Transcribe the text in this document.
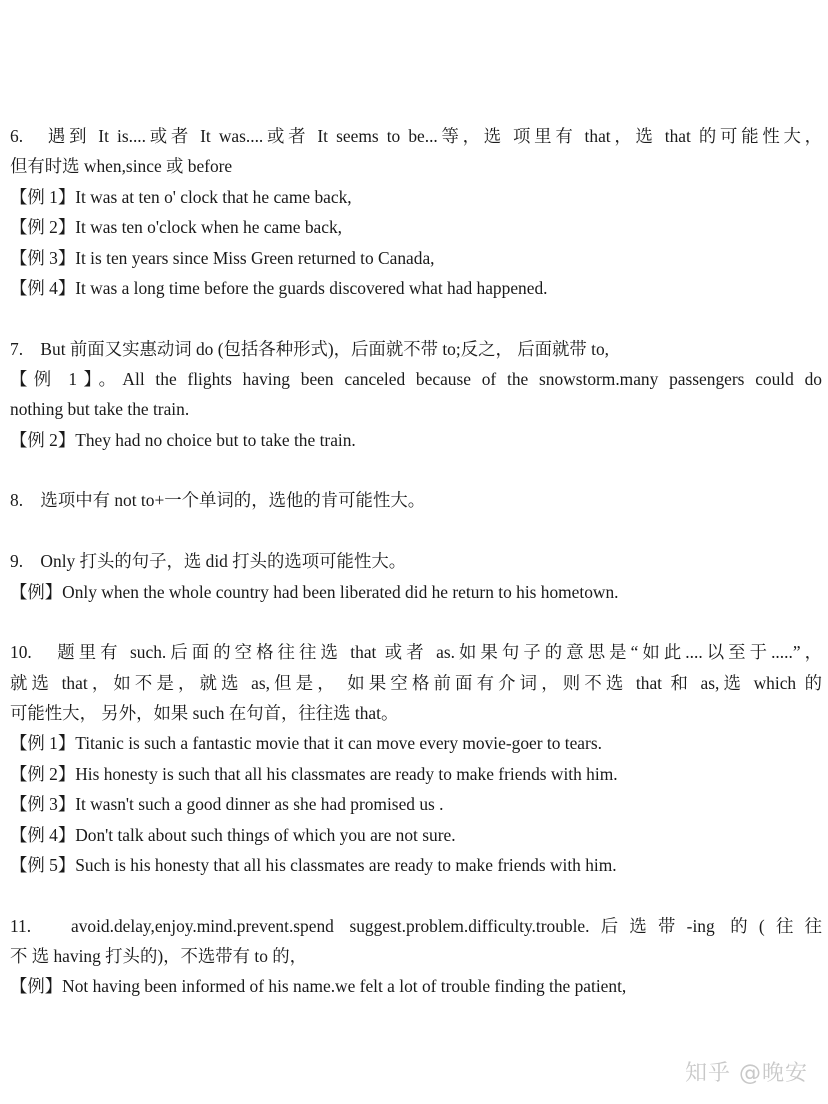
6.　遇到 It is....或者 It was....或者 It seems to be...等，选 项里有 that，选 that 的可能性大，
但有时选 when,since 或 before
【例 1】It was at ten o' clock that he came back,
【例 2】It was ten o'clock when he came back,
【例 3】It is ten years since Miss Green returned to Canada,
【例 4】It was a long time before the guards discovered what had happened.
7.　But 前面又实惠动词 do (包括各种形式)，后面就不带 to;反之， 后面就带 to,
【例 1】。All the flights having been canceled because of the snowstorm.many passengers could do
nothing but take the train.
【例 2】They had no choice but to take the train.
8.　选项中有 not to+一个单词的，选他的肯可能性大。
9.　Only 打头的句子，选 did 打头的选项可能性大。
【例】Only when the whole country had been liberated did he return to his hometown.
10.　题里有 such.后面的空格往往选 that 或者 as.如果句子的意思是“如此....以至于.....”，
就选 that，如不是，就选 as,但是， 如果空格前面有介词，则不选 that 和 as,选 which 的
可能性大， 另外，如果 such 在句首，往往选 that。
【例 1】Titanic is such a fantastic movie that it can move every movie-goer to tears.
【例 2】His honesty is such that all his classmates are ready to make friends with him.
【例 3】It wasn't such a good dinner as she had promised us .
【例 4】Don't talk about such things of which you are not sure.
【例 5】Such is his honesty that all his classmates are ready to make friends with him.
11.　avoid.delay,enjoy.mind.prevent.spend suggest.problem.difficulty.trouble.后选带-ing 的(往往
不 选 having 打头的)，不选带有 to 的，
【例】Not having been informed of his name.we felt a lot of trouble finding the patient,
知乎 @晚安
